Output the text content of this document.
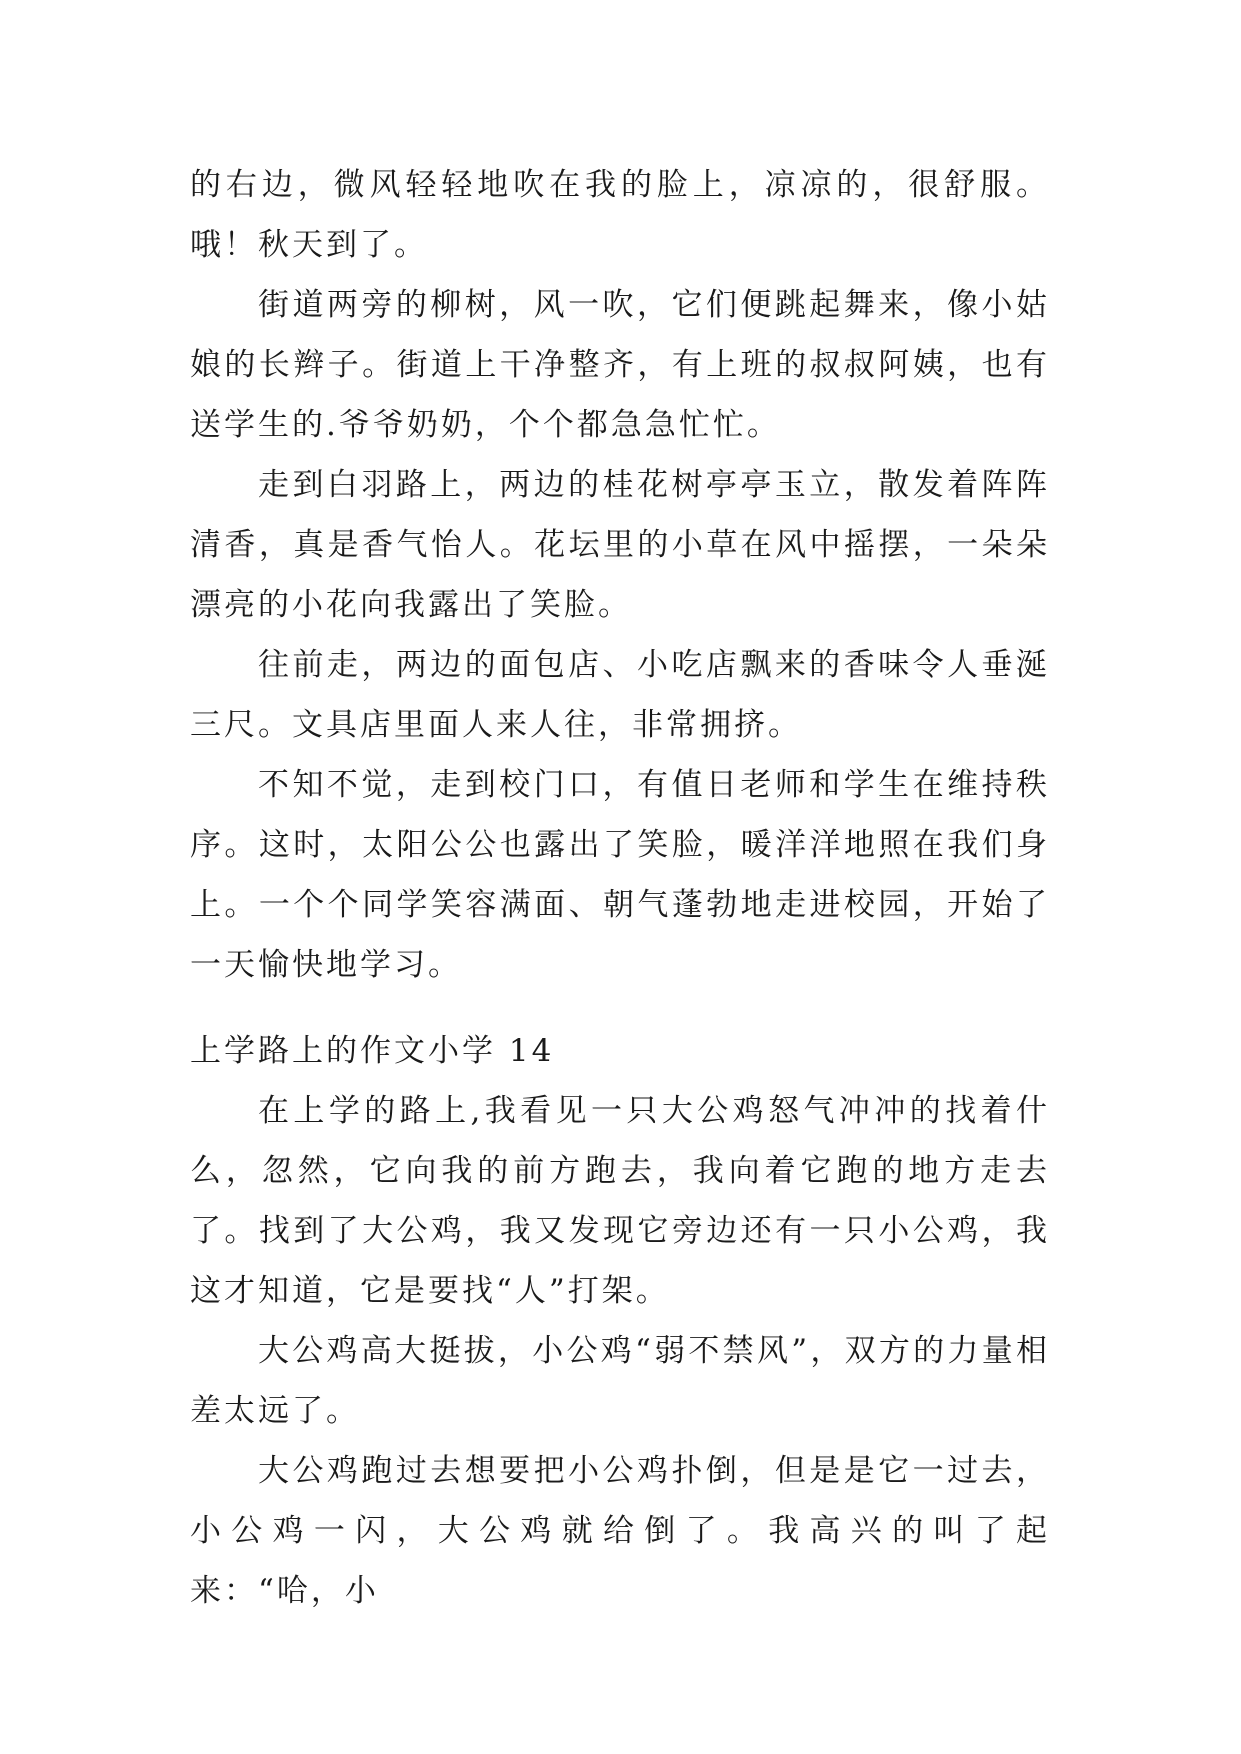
的右边，微风轻轻地吹在我的脸上，凉凉的，很舒服。哦！秋天到了。

街道两旁的柳树，风一吹，它们便跳起舞来，像小姑娘的长辫子。街道上干净整齐，有上班的叔叔阿姨，也有送学生的.爷爷奶奶，个个都急急忙忙。

走到白羽路上，两边的桂花树亭亭玉立，散发着阵阵清香，真是香气怡人。花坛里的小草在风中摇摆，一朵朵漂亮的小花向我露出了笑脸。

往前走，两边的面包店、小吃店飘来的香味令人垂涎三尺。文具店里面人来人往，非常拥挤。

不知不觉，走到校门口，有值日老师和学生在维持秩序。这时，太阳公公也露出了笑脸，暖洋洋地照在我们身上。一个个同学笑容满面、朝气蓬勃地走进校园，开始了一天愉快地学习。

上学路上的作文小学 14

在上学的路上,我看见一只大公鸡怒气冲冲的找着什么，忽然，它向我的前方跑去，我向着它跑的地方走去了。找到了大公鸡，我又发现它旁边还有一只小公鸡，我这才知道，它是要找“人”打架。

大公鸡高大挺拔，小公鸡“弱不禁风”，双方的力量相差太远了。

大公鸡跑过去想要把小公鸡扑倒，但是是它一过去，小公鸡一闪，大公鸡就给倒了。我高兴的叫了起来：“哈，小
